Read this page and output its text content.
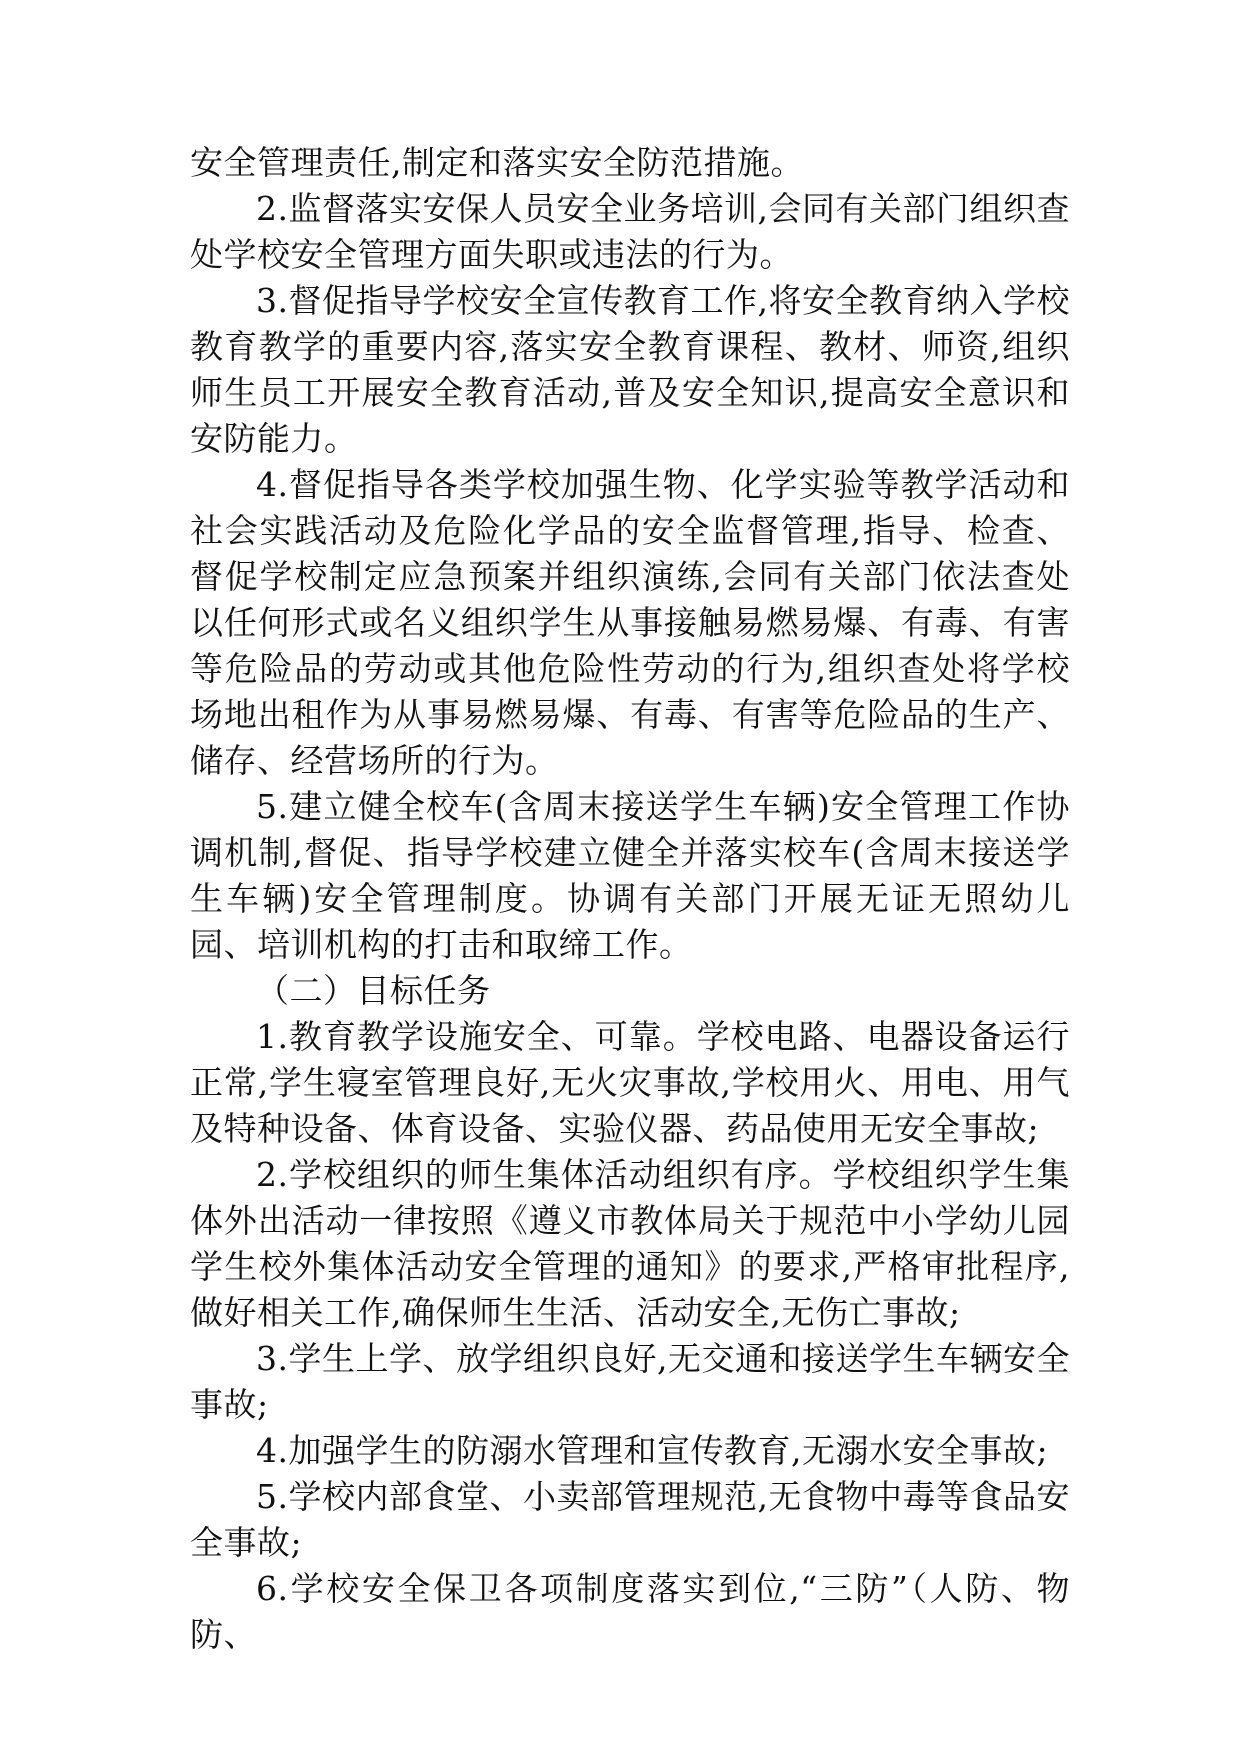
安全管理责任,制定和落实安全防范措施。

2.监督落实安保人员安全业务培训,会同有关部门组织查处学校安全管理方面失职或违法的行为。

3.督促指导学校安全宣传教育工作,将安全教育纳入学校教育教学的重要内容,落实安全教育课程、教材、师资,组织师生员工开展安全教育活动,普及安全知识,提高安全意识和安防能力。

4.督促指导各类学校加强生物、化学实验等教学活动和社会实践活动及危险化学品的安全监督管理,指导、检查、督促学校制定应急预案并组织演练,会同有关部门依法查处以任何形式或名义组织学生从事接触易燃易爆、有毒、有害等危险品的劳动或其他危险性劳动的行为,组织查处将学校场地出租作为从事易燃易爆、有毒、有害等危险品的生产、储存、经营场所的行为。

5.建立健全校车(含周末接送学生车辆)安全管理工作协调机制,督促、指导学校建立健全并落实校车(含周末接送学生车辆)安全管理制度。协调有关部门开展无证无照幼儿园、培训机构的打击和取缔工作。

（二）目标任务

1.教育教学设施安全、可靠。学校电路、电器设备运行正常,学生寝室管理良好,无火灾事故,学校用火、用电、用气及特种设备、体育设备、实验仪器、药品使用无安全事故;

2.学校组织的师生集体活动组织有序。学校组织学生集体外出活动一律按照《遵义市教体局关于规范中小学幼儿园学生校外集体活动安全管理的通知》的要求,严格审批程序,做好相关工作,确保师生生活、活动安全,无伤亡事故;

3.学生上学、放学组织良好,无交通和接送学生车辆安全事故;

4.加强学生的防溺水管理和宣传教育,无溺水安全事故;

5.学校内部食堂、小卖部管理规范,无食物中毒等食品安全事故;

6.学校安全保卫各项制度落实到位,“三防”（人防、物防、
